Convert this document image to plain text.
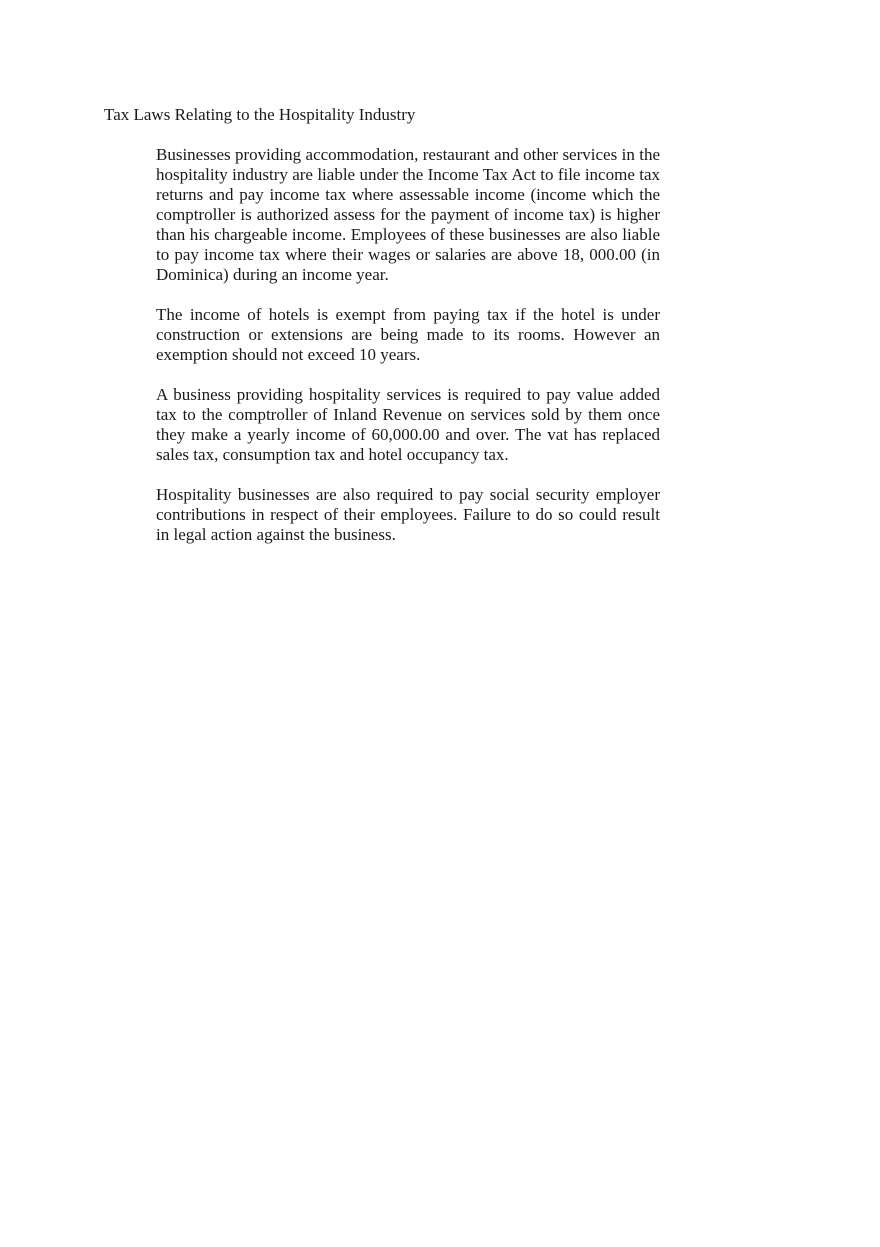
Tax Laws Relating to the Hospitality Industry

Businesses providing accommodation, restaurant and other services in the hospitality industry are liable under the Income Tax Act to file income tax returns and pay income tax where assessable income (income which the comptroller is authorized assess for the payment of income tax) is higher than his chargeable income. Employees of these businesses are also liable to pay income tax where their wages or salaries are above 18, 000.00 (in Dominica) during an income year.

The income of hotels is exempt from paying tax if the hotel is under construction or extensions are being made to its rooms. However an exemption should not exceed 10 years.

A business providing hospitality services is required to pay value added tax to the comptroller of Inland Revenue on services sold by them once they make a yearly income of 60,000.00 and over. The vat has replaced sales tax, consumption tax and hotel occupancy tax.

Hospitality businesses are also required to pay social security employer contributions in respect of their employees. Failure to do so could result in legal action against the business.
